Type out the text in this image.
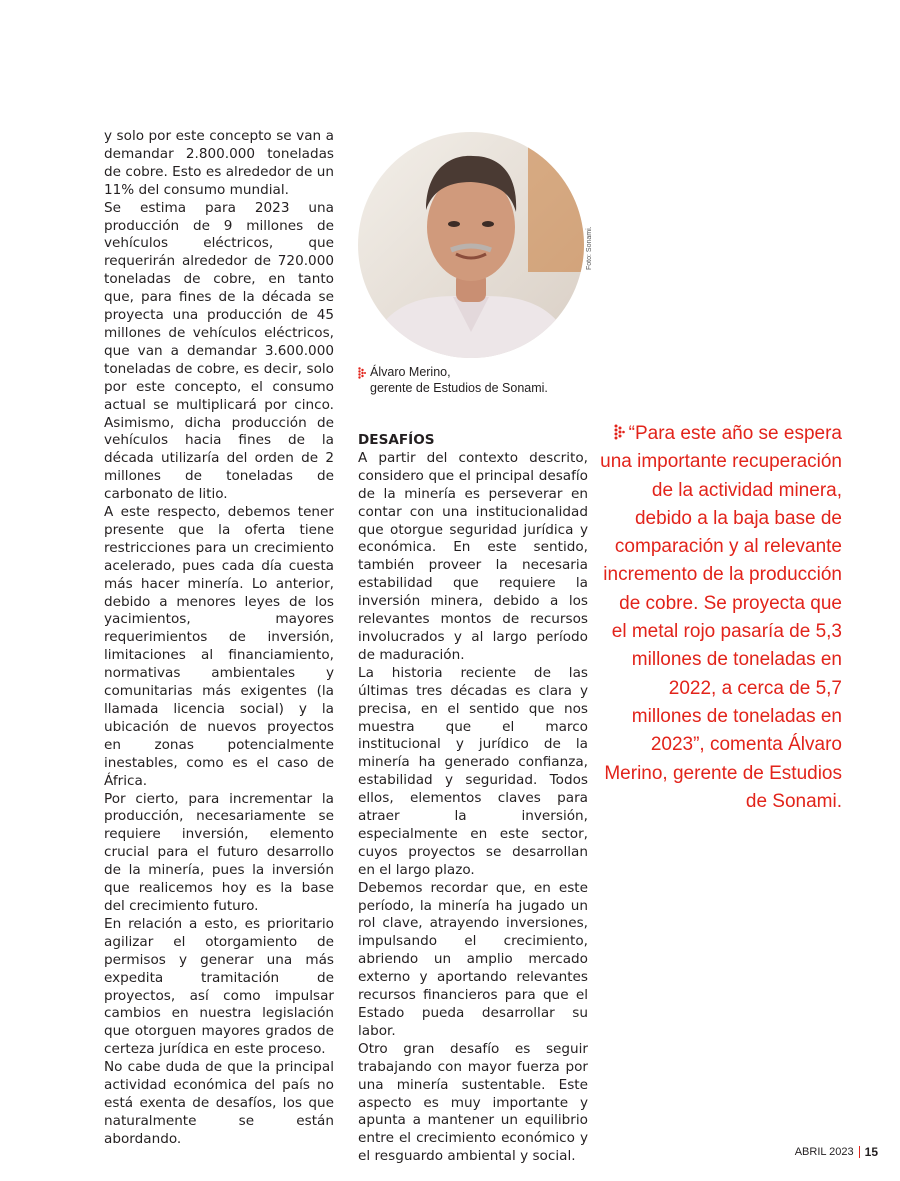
y solo por este concepto se van a demandar 2.800.000 toneladas de cobre. Esto es alrededor de un 11% del consumo mundial.

Se estima para 2023 una producción de 9 millones de vehículos eléctricos, que requerirán alrededor de 720.000 toneladas de cobre, en tanto que, para fines de la década se proyecta una producción de 45 millones de vehículos eléctricos, que van a demandar 3.600.000 toneladas de cobre, es decir, solo por este concepto, el consumo actual se multiplicará por cinco. Asimismo, dicha producción de vehículos hacia fines de la década utilizaría del orden de 2 millones de toneladas de carbonato de litio.

A este respecto, debemos tener presente que la oferta tiene restricciones para un crecimiento acelerado, pues cada día cuesta más hacer minería. Lo anterior, debido a menores leyes de los yacimientos, mayores requerimientos de inversión, limitaciones al financiamiento, normativas ambientales y comunitarias más exigentes (la llamada licencia social) y la ubicación de nuevos proyectos en zonas potencialmente inestables, como es el caso de África.

Por cierto, para incrementar la producción, necesariamente se requiere inversión, elemento crucial para el futuro desarrollo de la minería, pues la inversión que realicemos hoy es la base del crecimiento futuro.

En relación a esto, es prioritario agilizar el otorgamiento de permisos y generar una más expedita tramitación de proyectos, así como impulsar cambios en nuestra legislación que otorguen mayores grados de certeza jurídica en este proceso.

No cabe duda de que la principal actividad económica del país no está exenta de desafíos, los que naturalmente se están abordando.

Foto: Sonami.
Álvaro Merino,
gerente de Estudios de Sonami.

DESAFÍOS

A partir del contexto descrito, considero que el principal desafío de la minería es perseverar en contar con una institucionalidad que otorgue seguridad jurídica y económica. En este sentido, también proveer la necesaria estabilidad que requiere la inversión minera, debido a los relevantes montos de recursos involucrados y al largo período de maduración.

La historia reciente de las últimas tres décadas es clara y precisa, en el sentido que nos muestra que el marco institucional y jurídico de la minería ha generado confianza, estabilidad y seguridad. Todos ellos, elementos claves para atraer la inversión, especialmente en este sector, cuyos proyectos se desarrollan en el largo plazo.

Debemos recordar que, en este período, la minería ha jugado un rol clave, atrayendo inversiones, impulsando el crecimiento, abriendo un amplio mercado externo y aportando relevantes recursos financieros para que el Estado pueda desarrollar su labor.

Otro gran desafío es seguir trabajando con mayor fuerza por una minería sustentable. Este aspecto es muy importante y apunta a mantener un equilibrio entre el crecimiento económico y el resguardo ambiental y social.

“Para este año se espera una importante recuperación de la actividad minera, debido a la baja base de comparación y al relevante incremento de la producción de cobre. Se proyecta que el metal rojo pasaría de 5,3 millones de toneladas en 2022, a cerca de 5,7 millones de toneladas en 2023”, comenta Álvaro Merino, gerente de Estudios de Sonami.
ABRIL 2023 15
